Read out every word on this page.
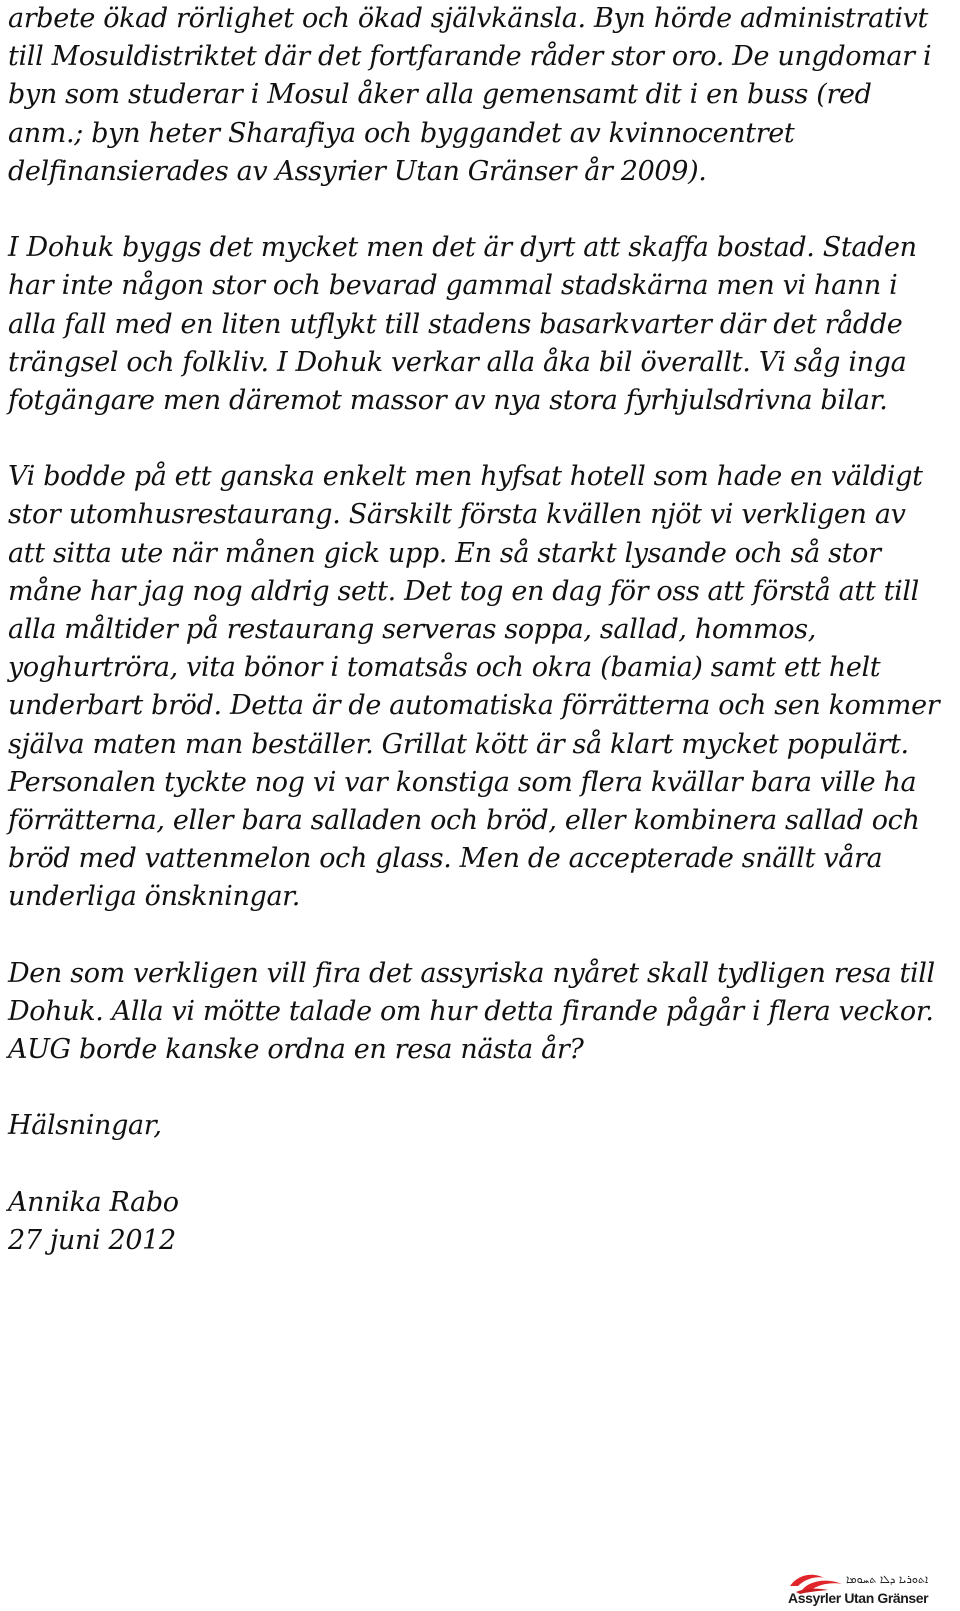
arbete ökad rörlighet och ökad självkänsla. Byn hörde administrativt
till Mosuldistriktet där det fortfarande råder stor oro. De ungdomar i
byn som studerar i Mosul åker alla gemensamt dit i en buss (red
anm.; byn heter Sharafiya och byggandet av kvinnocentret
delfinansierades av Assyrier Utan Gränser år 2009).
I Dohuk byggs det mycket men det är dyrt att skaffa bostad. Staden
har inte någon stor och bevarad gammal stadskärna men vi hann i
alla fall med en liten utflykt till stadens basarkvarter där det rådde
trängsel och folkliv. I Dohuk verkar alla åka bil överallt. Vi såg inga
fotgängare men däremot massor av nya stora fyrhjulsdrivna bilar.
Vi bodde på ett ganska enkelt men hyfsat hotell som hade en väldigt
stor utomhusrestaurang. Särskilt första kvällen njöt vi verkligen av
att sitta ute när månen gick upp. En så starkt lysande och så stor
måne har jag nog aldrig sett. Det tog en dag för oss att förstå att till
alla måltider på restaurang serveras soppa, sallad, hommos,
yoghurtröra, vita bönor i tomatsås och okra (bamia) samt ett helt
underbart bröd. Detta är de automatiska förrätterna och sen kommer
själva maten man beställer. Grillat kött är så klart mycket populärt.
Personalen tyckte nog vi var konstiga som flera kvällar bara ville ha
förrätterna, eller bara salladen och bröd, eller kombinera sallad och
bröd med vattenmelon och glass. Men de accepterade snällt våra
underliga önskningar.
Den som verkligen vill fira det assyriska nyåret skall tydligen resa till
Dohuk. Alla vi mötte talade om hur detta firande pågår i flera veckor.
AUG borde kanske ordna en resa nästa år?
Hälsningar,
Annika Rabo
27 juni 2012
ܐܬܘܪܝܐ ܕܠܐ ܬܚܘܡܐ
Assyrler Utan Gränser
